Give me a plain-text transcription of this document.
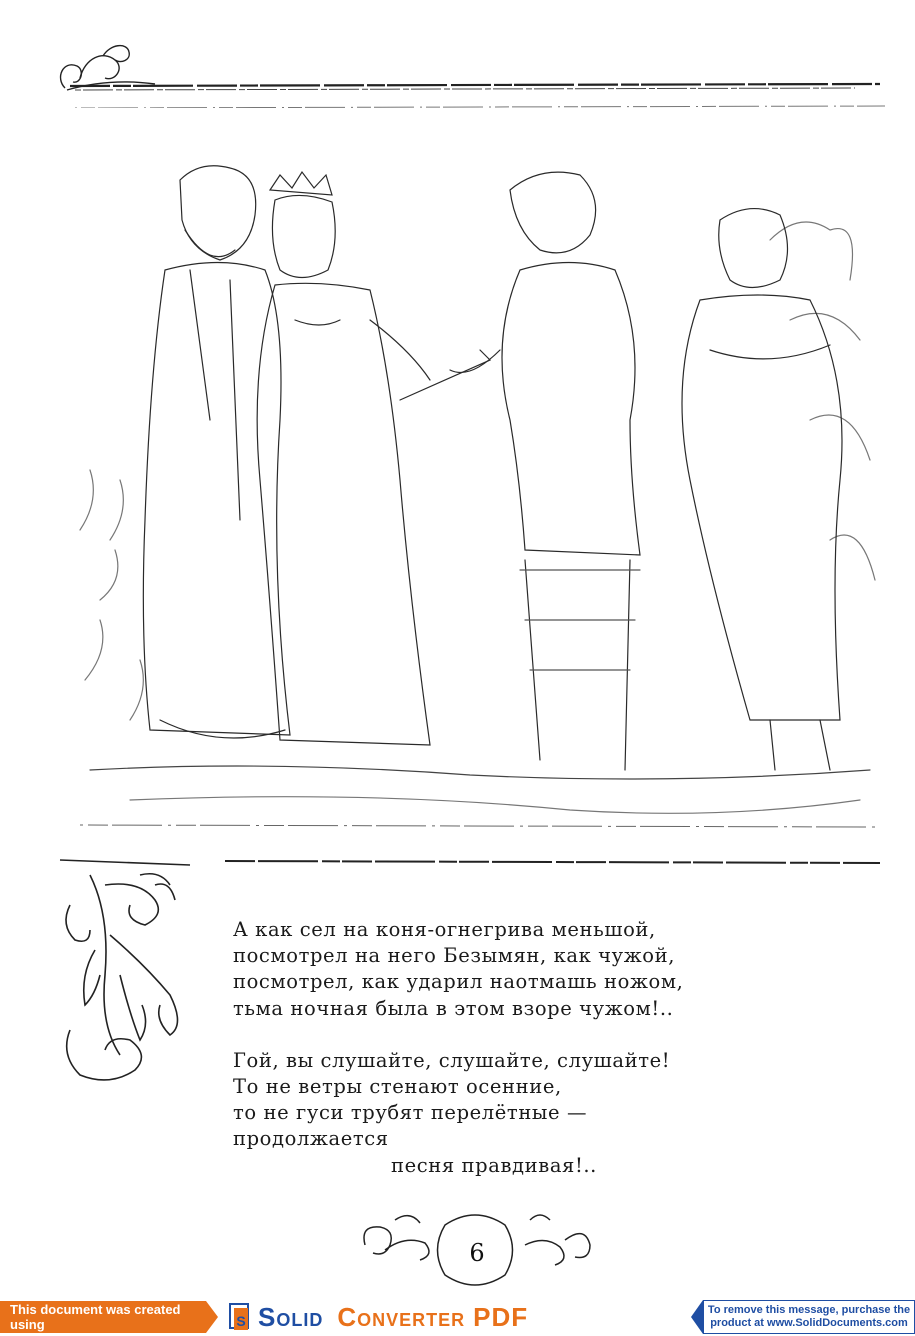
А как сел на коня-огнегрива меньшой,
посмотрел на него Безымян, как чужой,
посмотрел, как ударил наотмашь ножом,
тьма ночная была в этом взоре чужом!..
Гой, вы слушайте, слушайте, слушайте!
То не ветры стенают осенние,
то не гуси трубят перелётные —
продолжается
песня правдивая!..
6
This document was created using	S Solid Converter PDF	To remove this message, purchase the
product at www.SolidDocuments.com
